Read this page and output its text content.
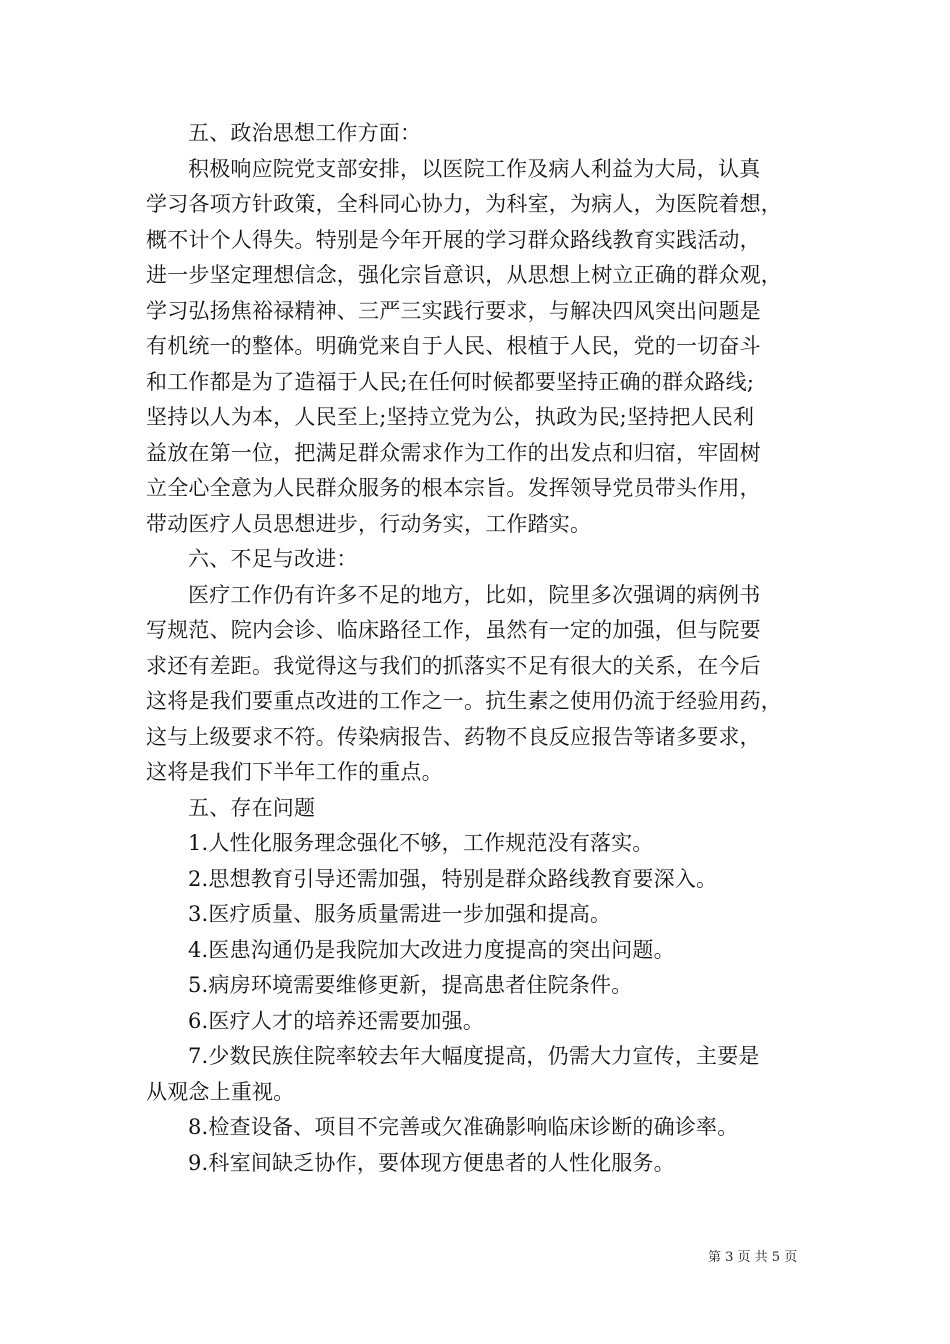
五、政治思想工作方面：
积极响应院党支部安排，以医院工作及病人利益为大局，认真
学习各项方针政策，全科同心协力，为科室，为病人，为医院着想，
概不计个人得失。特别是今年开展的学习群众路线教育实践活动，
进一步坚定理想信念，强化宗旨意识，从思想上树立正确的群众观，
学习弘扬焦裕禄精神、三严三实践行要求，与解决四风突出问题是
有机统一的整体。明确党来自于人民、根植于人民，党的一切奋斗
和工作都是为了造福于人民;在任何时候都要坚持正确的群众路线;
坚持以人为本，人民至上;坚持立党为公，执政为民;坚持把人民利
益放在第一位，把满足群众需求作为工作的出发点和归宿，牢固树
立全心全意为人民群众服务的根本宗旨。发挥领导党员带头作用，
带动医疗人员思想进步，行动务实，工作踏实。
六、不足与改进：
医疗工作仍有许多不足的地方，比如，院里多次强调的病例书
写规范、院内会诊、临床路径工作，虽然有一定的加强，但与院要
求还有差距。我觉得这与我们的抓落实不足有很大的关系，在今后
这将是我们要重点改进的工作之一。抗生素之使用仍流于经验用药，
这与上级要求不符。传染病报告、药物不良反应报告等诸多要求，
这将是我们下半年工作的重点。
五、存在问题
1.人性化服务理念强化不够，工作规范没有落实。
2.思想教育引导还需加强，特别是群众路线教育要深入。
3.医疗质量、服务质量需进一步加强和提高。
4.医患沟通仍是我院加大改进力度提高的突出问题。
5.病房环境需要维修更新，提高患者住院条件。
6.医疗人才的培养还需要加强。
7.少数民族住院率较去年大幅度提高，仍需大力宣传，主要是
从观念上重视。
8.检查设备、项目不完善或欠准确影响临床诊断的确诊率。
9.科室间缺乏协作，要体现方便患者的人性化服务。
第 3 页 共 5 页
